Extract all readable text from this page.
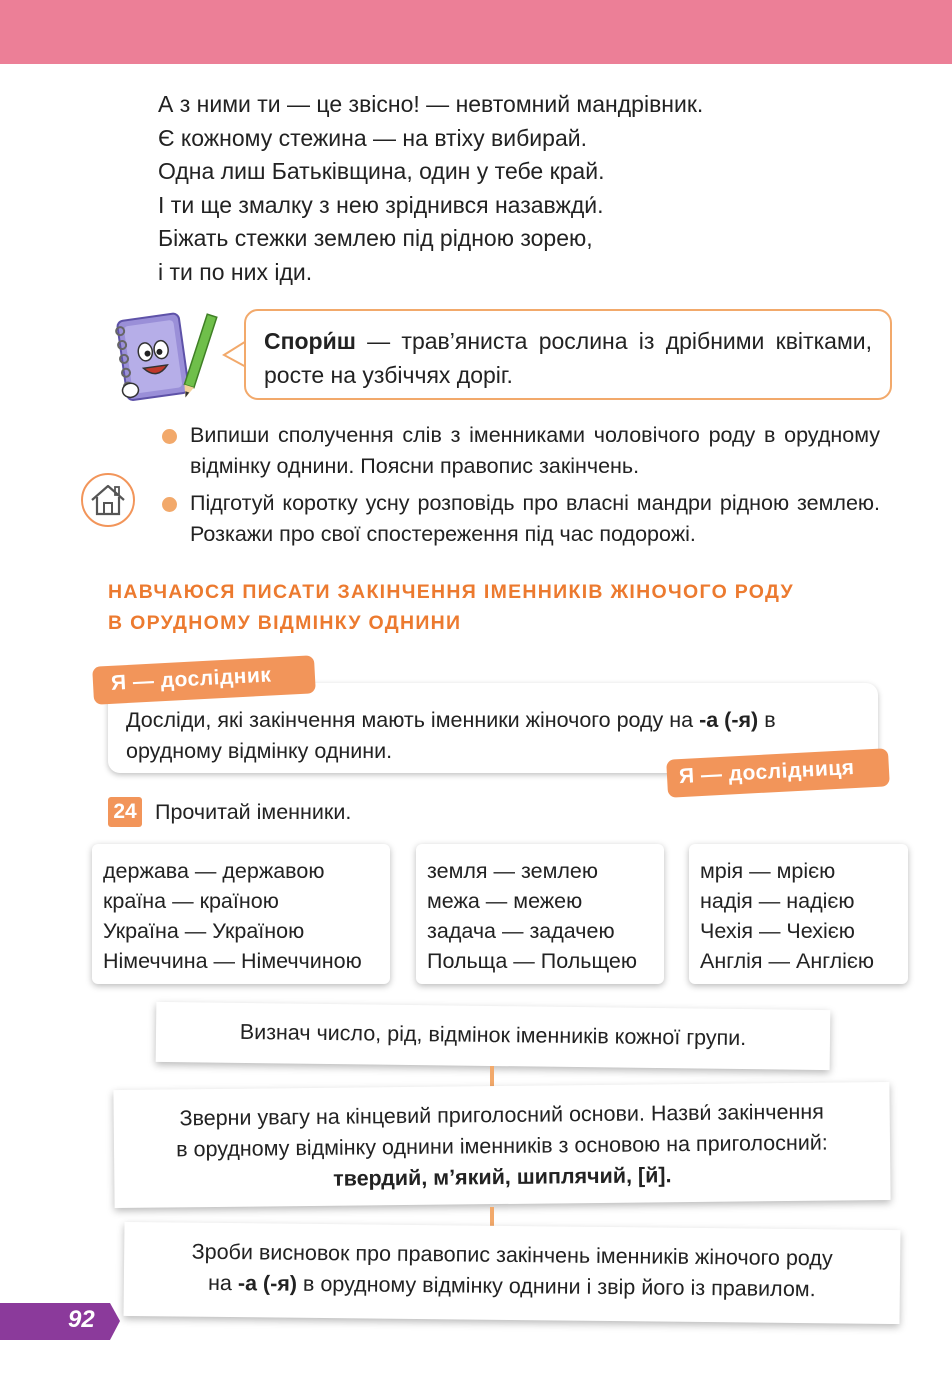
А з ними ти — це звісно! — невтомний мандрівник.
Є кожному стежина — на втіху вибирай.
Одна лиш Батьківщина, один у тебе край.
І ти ще змалку з нею зріднився назавжди́.
Біжать стежки землею під рідною зорею,
і ти по них іди.
Спори́ш — трав’яниста рослина із дрібними квітками, росте на узбіччях доріг.
Випиши сполучення слів з іменниками чоловічого роду в орудному відмінку однини. Поясни правопис закінчень.
Підготуй коротку усну розповідь про власні мандри рідною землею. Розкажи про свої спостереження під час подорожі.
НАВЧАЮСЯ ПИСАТИ ЗАКІНЧЕННЯ ІМЕННИКІВ ЖІНОЧОГО РОДУ
В ОРУДНОМУ ВІДМІНКУ ОДНИНИ
Досліди, які закінчення мають іменники жіночого роду на -а (-я) в орудному відмінку однини.
Я — дослідник
Я — дослідниця
24 Прочитай іменники.
держава — державою
країна — країною
Україна — Україною
Німеччина — Німеччиною
земля — землею
межа — межею
задача — задачею
Польща — Польщею
мрія — мрією
надія — надією
Чехія — Чехією
Англія — Англією
Визнач число, рід, відмінок іменників кожної групи.
Зверни увагу на кінцевий приголосний основи. Назви́ закінчення
в орудному відмінку однини іменників з основою на приголосний:
твердий, м’який, шиплячий, [й].
Зроби висновок про правопис закінчень іменників жіночого роду
на -а (-я) в орудному відмінку однини і звір його із правилом.
92
